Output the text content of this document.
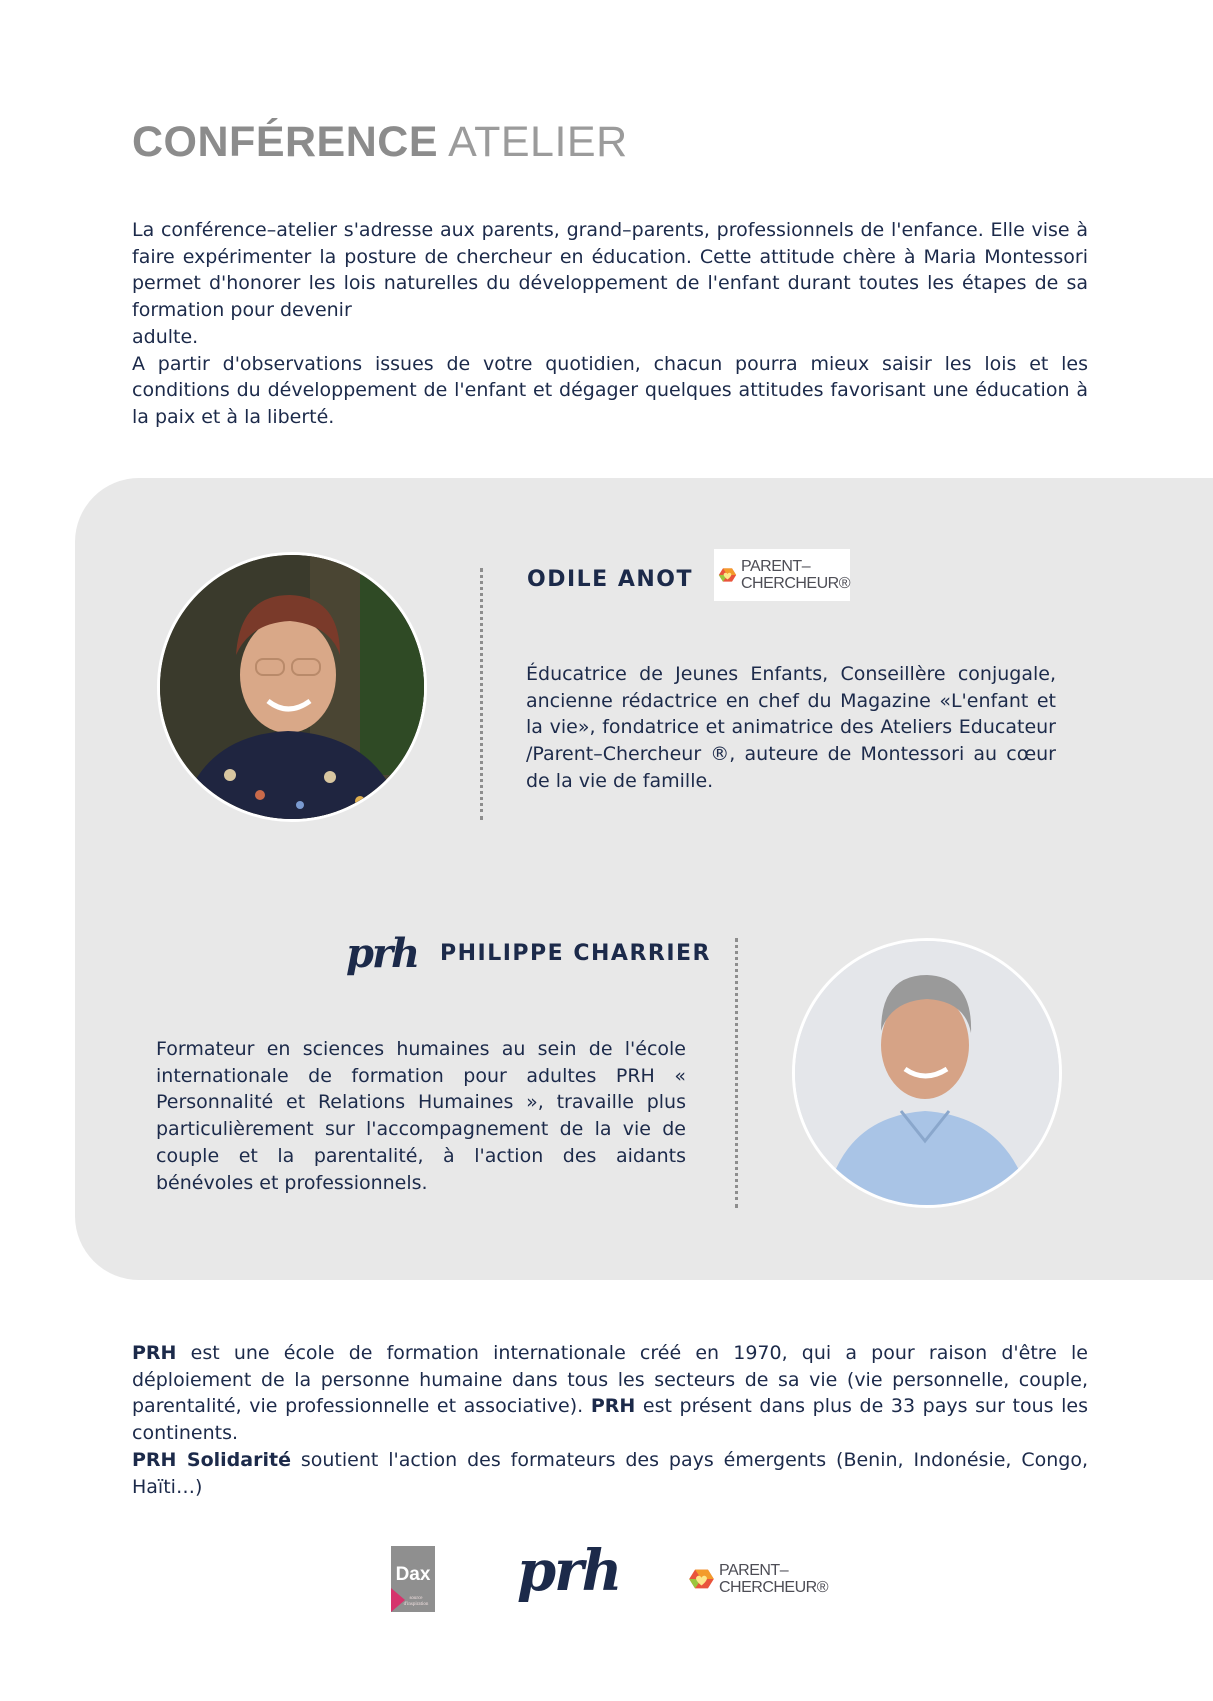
CONFÉRENCE ATELIER

La conférence–atelier s'adresse aux parents, grand–parents, professionnels de l'enfance. Elle vise à faire expérimenter la posture de chercheur en éducation. Cette attitude chère à Maria Montessori permet d'honorer les lois naturelles du développement de l'enfant durant toutes les étapes de sa formation pour devenir

adulte.

A partir d'observations issues de votre quotidien, chacun pourra mieux saisir les lois et les conditions du développement de l'enfant et dégager quelques attitudes favorisant une éducation à la paix et à la liberté.

ODILE ANOT
PARENT–
CHERCHEUR®

Éducatrice de Jeunes Enfants, Conseillère conjugale, ancienne rédactrice en chef du Magazine «L'enfant et la vie», fondatrice et animatrice des Ateliers Educateur /Parent–Chercheur ®, auteure de Montessori au cœur de la vie de famille.

prh PHILIPPE CHARRIER

Formateur en sciences humaines au sein de l'école internationale de formation pour adultes PRH « Personnalité et Relations Humaines », travaille plus particulièrement sur l'accompagnement de la vie de couple et la parentalité, à l'action des aidants bénévoles et professionnels.

PRH est une école de formation internationale créé en 1970, qui a pour raison d'être le déploiement de la personne humaine dans tous les secteurs de sa vie (vie personnelle, couple, parentalité, vie professionnelle et associative). PRH est présent dans plus de 33 pays sur tous les continents.

PRH Solidarité soutient l'action des formateurs des pays émergents (Benin, Indonésie, Congo, Haïti…)

Dax
source d'inspiration
prh	PARENT–
CHERCHEUR®
